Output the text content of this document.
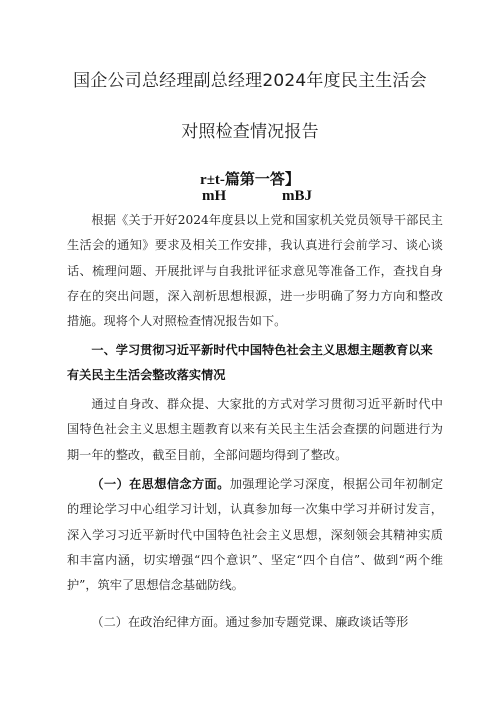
国企公司总经理副总经理2024年度民主生活会
对照检查情况报告
r±t-篇第一答】
mH	mBJ
根据《关于开好2024年度县以上党和国家机关党员领导干部民主生活会的通知》要求及相关工作安排，我认真进行会前学习、谈心谈话、梳理问题、开展批评与自我批评征求意见等准备工作，查找自身存在的突出问题，深入剖析思想根源，进一步明确了努力方向和整改措施。现将个人对照检查情况报告如下。
一、学习贯彻习近平新时代中国特色社会主义思想主题教育以来有关民主生活会整改落实情况
通过自身改、群众提、大家批的方式对学习贯彻习近平新时代中国特色社会主义思想主题教育以来有关民主生活会查摆的问题进行为期一年的整改，截至目前，全部问题均得到了整改。
（一）在思想信念方面。加强理论学习深度，根据公司年初制定的理论学习中心组学习计划，认真参加每一次集中学习并研讨发言，深入学习习近平新时代中国特色社会主义思想，深刻领会其精神实质和丰富内涵，切实增强“四个意识”、坚定“四个自信”、做到“两个维护”，筑牢了思想信念基础防线。
（二）在政治纪律方面。通过参加专题党课、廉政谈话等形
